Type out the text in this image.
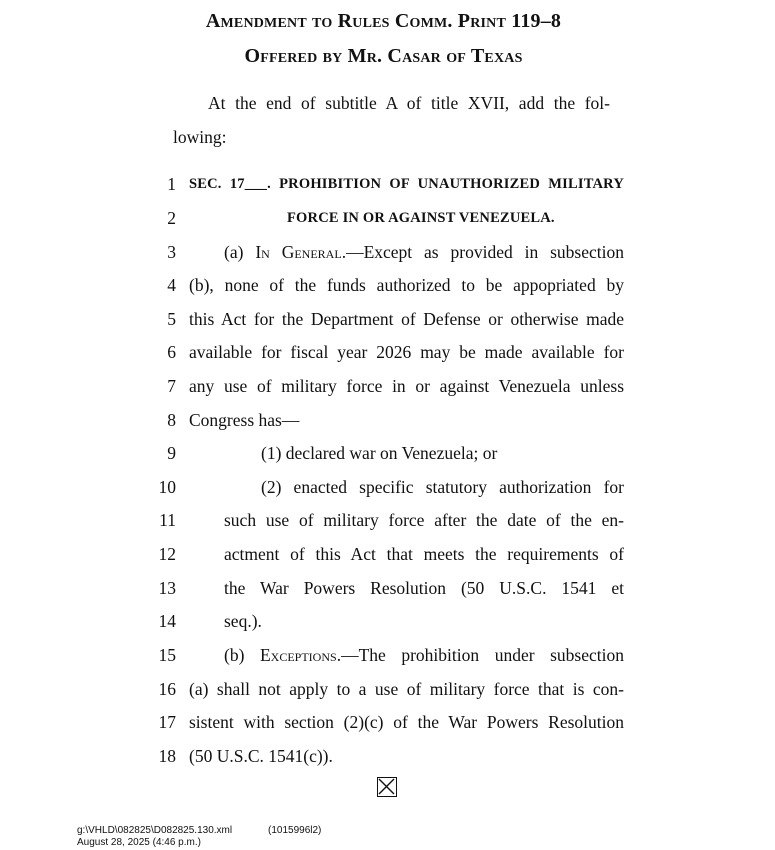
Amendment to Rules Comm. Print 119–8
Offered by Mr. Casar of Texas
At the end of subtitle A of title XVII, add the fol-
lowing:
1 SEC. 17___. PROHIBITION OF UNAUTHORIZED MILITARY
2	FORCE IN OR AGAINST VENEZUELA.
3	(a) In General.—Except as provided in subsection
4 (b), none of the funds authorized to be appopriated by
5 this Act for the Department of Defense or otherwise made
6 available for fiscal year 2026 may be made available for
7 any use of military force in or against Venezuela unless
8 Congress has—
9	(1) declared war on Venezuela; or
10	(2) enacted specific statutory authorization for
11	such use of military force after the date of the en-
12	actment of this Act that meets the requirements of
13	the War Powers Resolution (50 U.S.C. 1541 et
14	seq.).
15	(b) Exceptions.—The prohibition under subsection
16 (a) shall not apply to a use of military force that is con-
17 sistent with section (2)(c) of the War Powers Resolution
18 (50 U.S.C. 1541(c)).
g:\VHLD\082825\D082825.130.xml
August 28, 2025 (4:46 p.m.)
(1015996l2)
